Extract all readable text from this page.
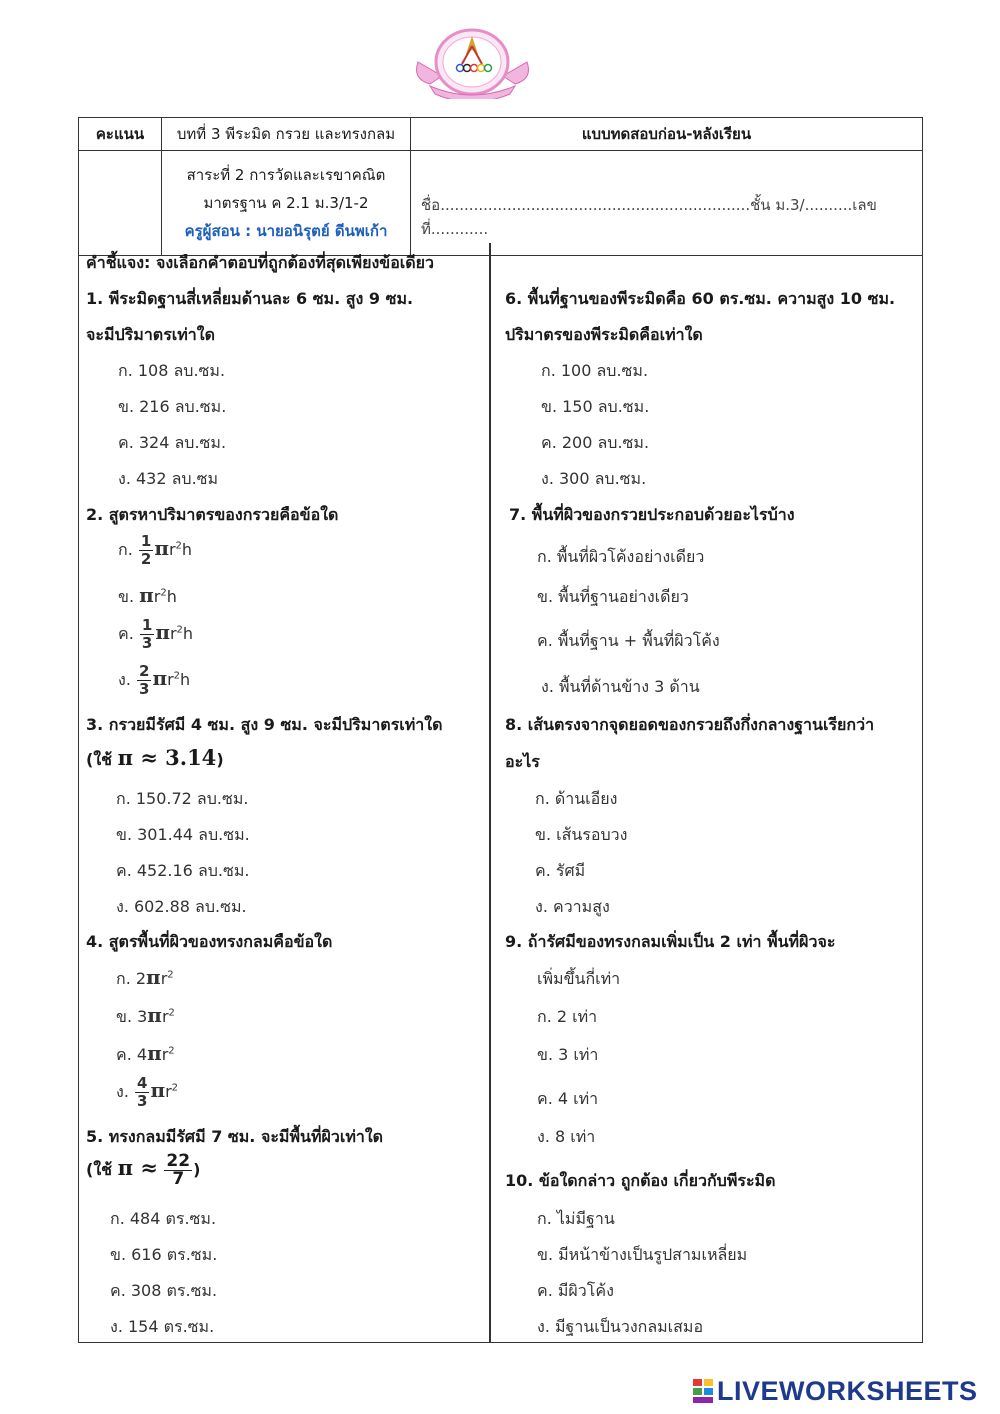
คะแนน	บทที่ 3 พีระมิด กรวย และทรงกลม	แบบทดสอบก่อน-หลังเรียน

	สาระที่ 2 การวัดและเรขาคณิต
มาตรฐาน ค 2.1 ม.3/1-2
ครูผู้สอน : นายอนิรุตย์ ดีนพเก้า	ชื่อ.................................................................ชั้น ม.3/..........เลขที่............
คำชี้แจง: จงเลือกคำตอบที่ถูกต้องที่สุดเพียงข้อเดียว
1. พีระมิดฐานสี่เหลี่ยมด้านละ 6 ซม. สูง 9 ซม.
จะมีปริมาตรเท่าใด
ก. 108 ลบ.ซม.
ข. 216 ลบ.ซม.
ค. 324 ลบ.ซม.
ง. 432 ลบ.ซม
2. สูตรหาปริมาตรของกรวยคือข้อใด
ก. $\frac{1}{2} \pi r^2h$
ข. $\pi r^2h$
ค. $\frac{1}{3} \pi r^2h$
ง. $\frac{2}{3} \pi r^2h$
3. กรวยมีรัศมี 4 ซม. สูง 9 ซม. จะมีปริมาตรเท่าใด
(ใช้ π ≈ 3.14)
ก. 150.72 ลบ.ซม.
ข. 301.44 ลบ.ซม.
ค. 452.16 ลบ.ซม.
ง. 602.88 ลบ.ซม.
4. สูตรพื้นที่ผิวของทรงกลมคือข้อใด
ก. $2\pi r^2$
ข. $3\pi r^2$
ค. $4\pi r^2$
ง. $\frac{4}{3} \pi r^2$
5. ทรงกลมมีรัศมี 7 ซม. จะมีพื้นที่ผิวเท่าใด
(ใช้ $\pi \approx \frac{22}{7}$ )
ก. 484 ตร.ซม.
ข. 616 ตร.ซม.
ค. 308 ตร.ซม.
ง. 154 ตร.ซม.
6. พื้นที่ฐานของพีระมิดคือ 60 ตร.ซม. ความสูง 10 ซม.
ปริมาตรของพีระมิดคือเท่าใด
ก. 100 ลบ.ซม.
ข. 150 ลบ.ซม.
ค. 200 ลบ.ซม.
ง. 300 ลบ.ซม.
7. พื้นที่ผิวของกรวยประกอบด้วยอะไรบ้าง
ก. พื้นที่ผิวโค้งอย่างเดียว
ข. พื้นที่ฐานอย่างเดียว
ค. พื้นที่ฐาน + พื้นที่ผิวโค้ง
ง. พื้นที่ด้านข้าง 3 ด้าน
8. เส้นตรงจากจุดยอดของกรวยถึงกึ่งกลางฐานเรียกว่า
อะไร
ก. ด้านเอียง
ข. เส้นรอบวง
ค. รัศมี
ง. ความสูง
9. ถ้ารัศมีของทรงกลมเพิ่มเป็น 2 เท่า พื้นที่ผิวจะ
เพิ่มขึ้นกี่เท่า
ก. 2 เท่า
ข. 3 เท่า
ค. 4 เท่า
ง. 8 เท่า
10. ข้อใดกล่าว ถูกต้อง เกี่ยวกับพีระมิด
ก. ไม่มีฐาน
ข. มีหน้าข้างเป็นรูปสามเหลี่ยม
ค. มีผิวโค้ง
ง. มีฐานเป็นวงกลมเสมอ
LIVEWORKSHEETS
